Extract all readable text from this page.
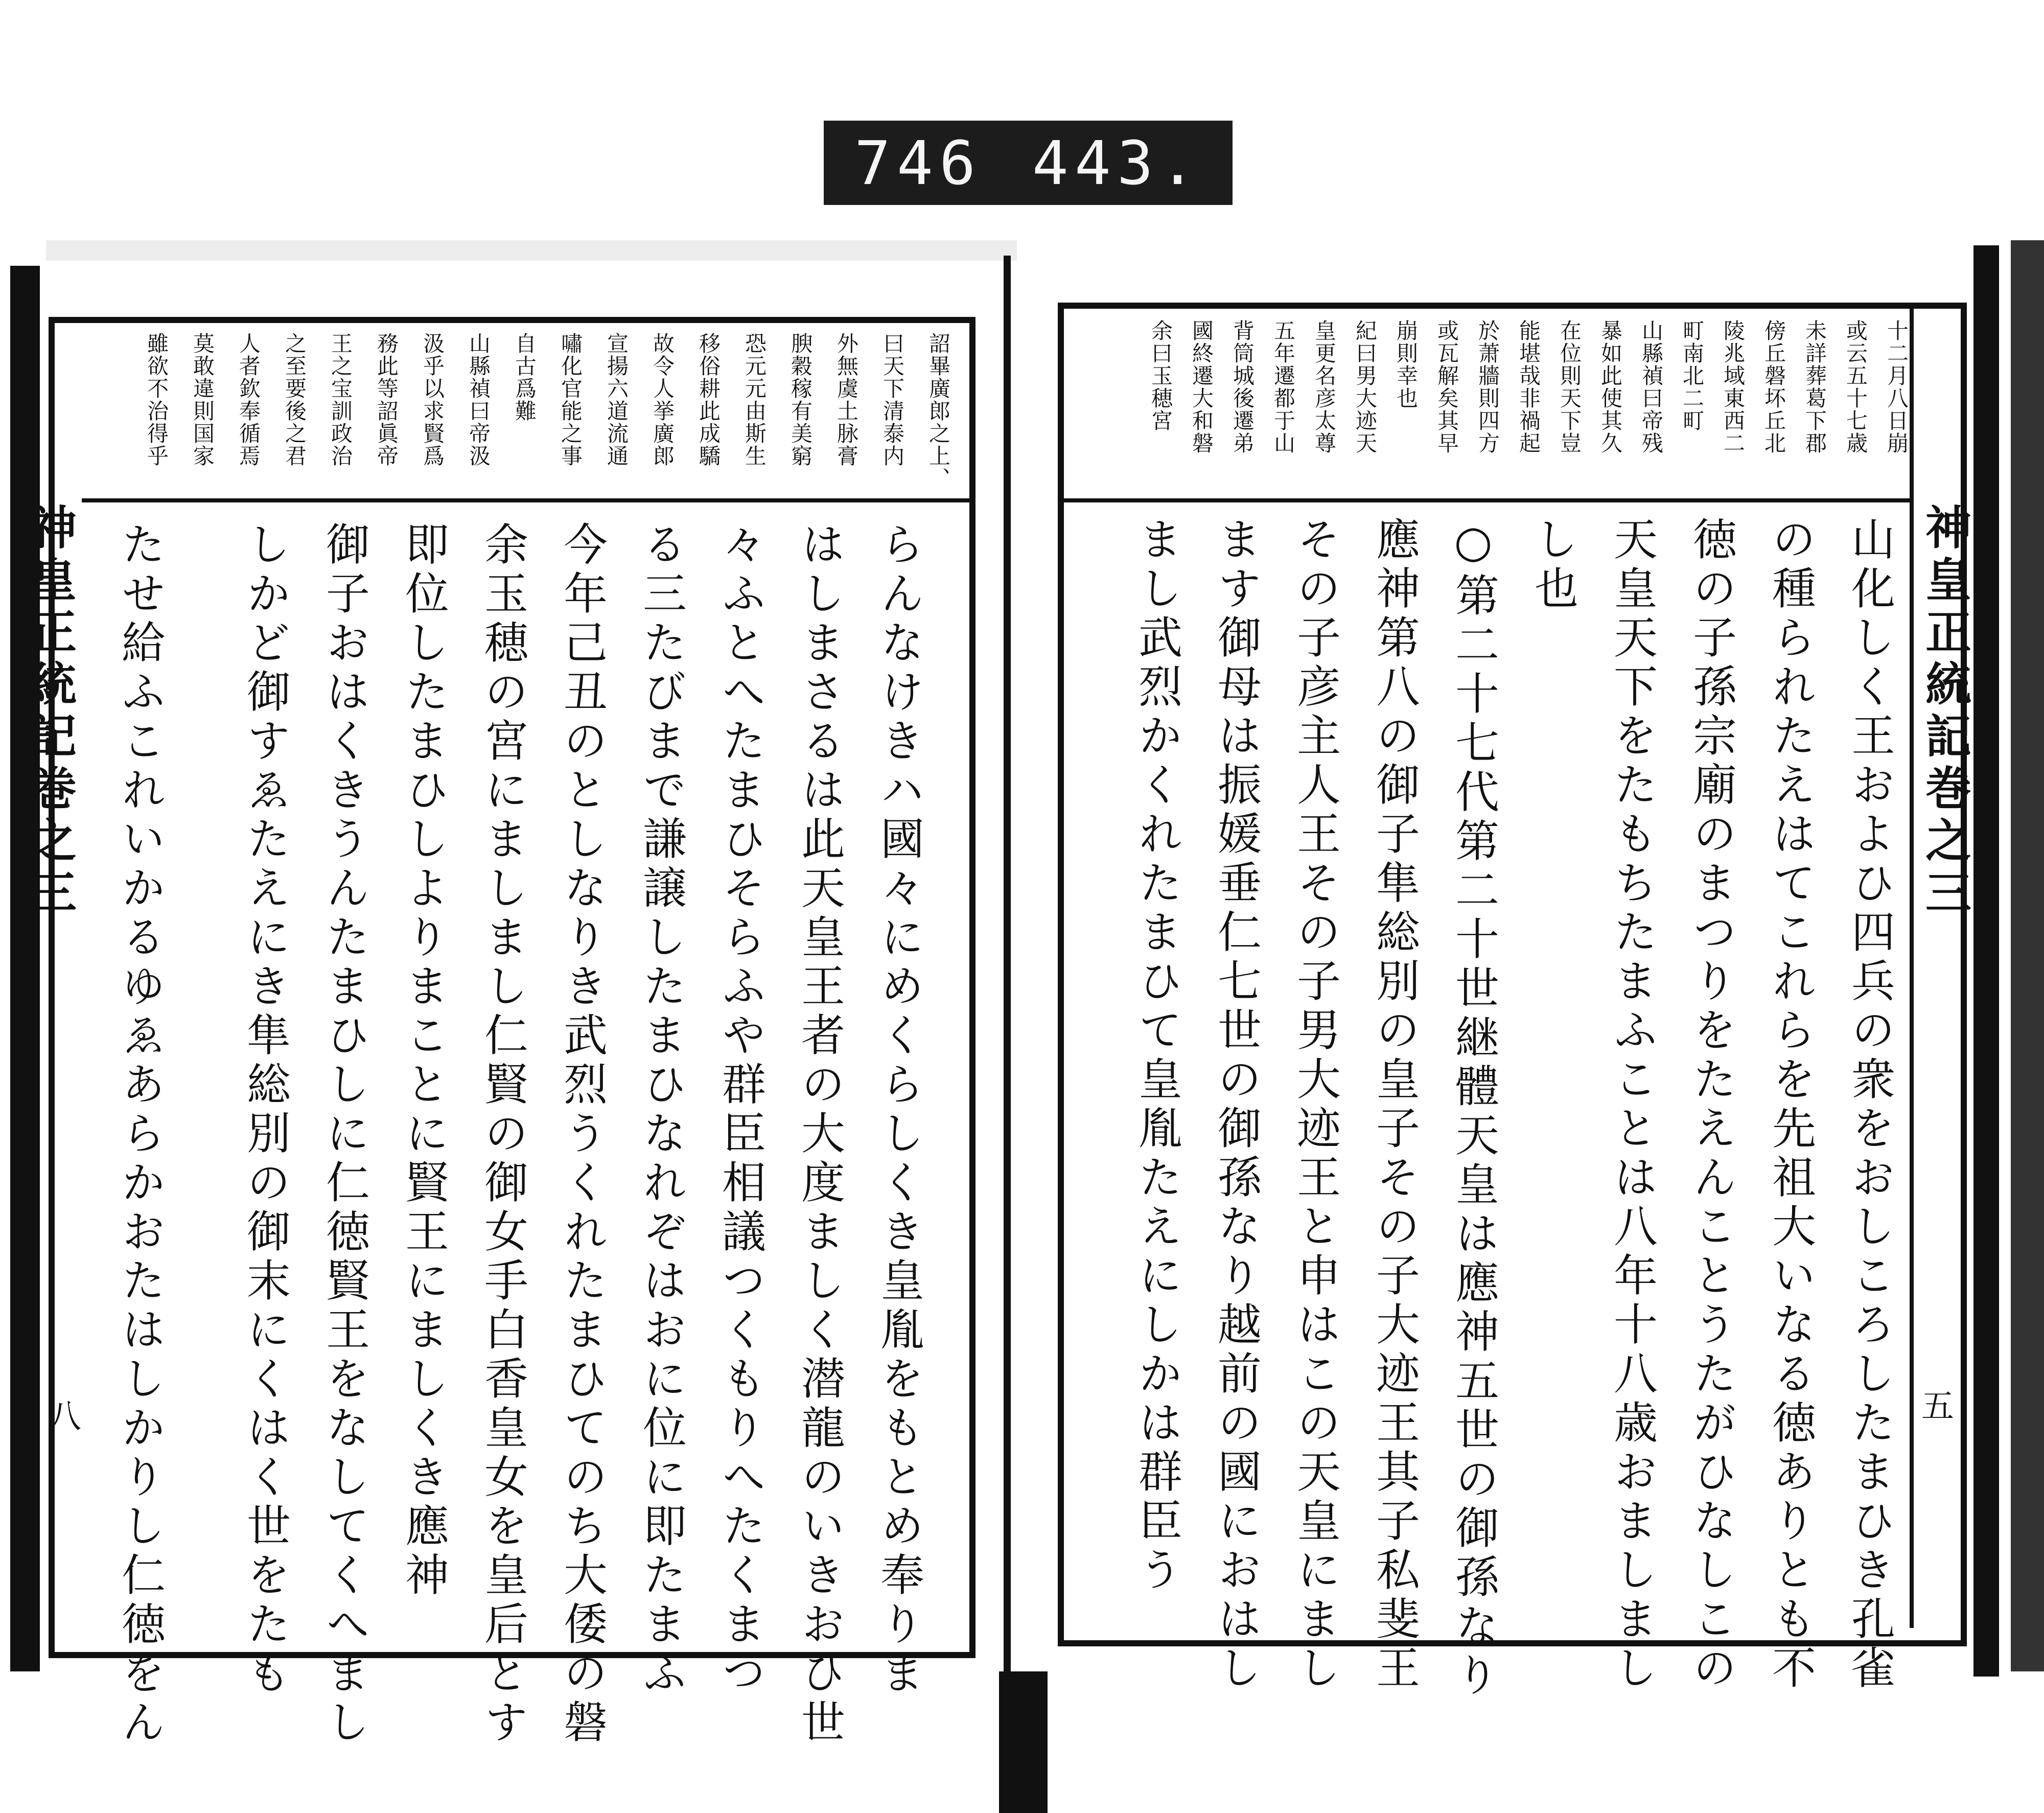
746 443.
神皇正統記巻之三
八
詔畢廣郎之上、
曰天下清泰内
外無虞土脉膏
腴穀稼有美窮
恐元元由斯生
移俗耕此成驕
故令人挙廣郎
宣揚六道流通
嘯化官能之事
自古爲難
山縣禎曰帝汲
汲乎以求賢爲
務此等詔眞帝
王之宝訓政治
之至要後之君
人者欽奉循焉
莫敢違則国家
雖欲不治得乎
らんなけきハ國々にめくらしくき皇胤をもとめ奉りま
はしまさるは此天皇王者の大度ましく潜龍のいきおひ世
々ふとへたまひそらふや群臣相議つくもりへたくまつ
る三たびまで謙譲したまひなれぞはおに位に即たまふ
今年己丑のとしなりき武烈うくれたまひてのち大倭の磐
余玉穂の宮にましまし仁賢の御女手白香皇女を皇后とす
即位したまひしよりまことに賢王にましくき應神
御子おはくきうんたまひしに仁徳賢王をなしてくへまし
しかど御すゑたえにき隼総別の御末にくはく世をたも
たせ給ふこれいかるゆゑあらかおたはしかりし仁徳をん	神皇正統記巻之三
五
十二月八日崩
或云五十七歳
未詳葬葛下郡
傍丘磐坏丘北
陵兆域東西二
町南北二町
山縣禎曰帝残
暴如此使其久
在位則天下豈
能堪哉非禍起
於萧牆則四方
或瓦解矣其早
崩則幸也
紀曰男大迹天
皇更名彦太尊
五年遷都于山
背筒城後遷弟
國終遷大和磐
余曰玉穂宮
山化しく王およひ四兵の衆をおしころしたまひき孔雀
の種られたえはてこれらを先祖大いなる徳ありとも不
徳の子孫宗廟のまつりをたえんことうたがひなしこの
天皇天下をたもちたまふことは八年十八歳おましまし
し也
○第二十七代第二十世継體天皇は應神五世の御孫なり
應神第八の御子隼総別の皇子その子大迹王其子私斐王
その子彦主人王その子男大迹王と申はこの天皇にまし
ます御母は振媛垂仁七世の御孫なり越前の國におはし
まし武烈かくれたまひて皇胤たえにしかは群臣う
